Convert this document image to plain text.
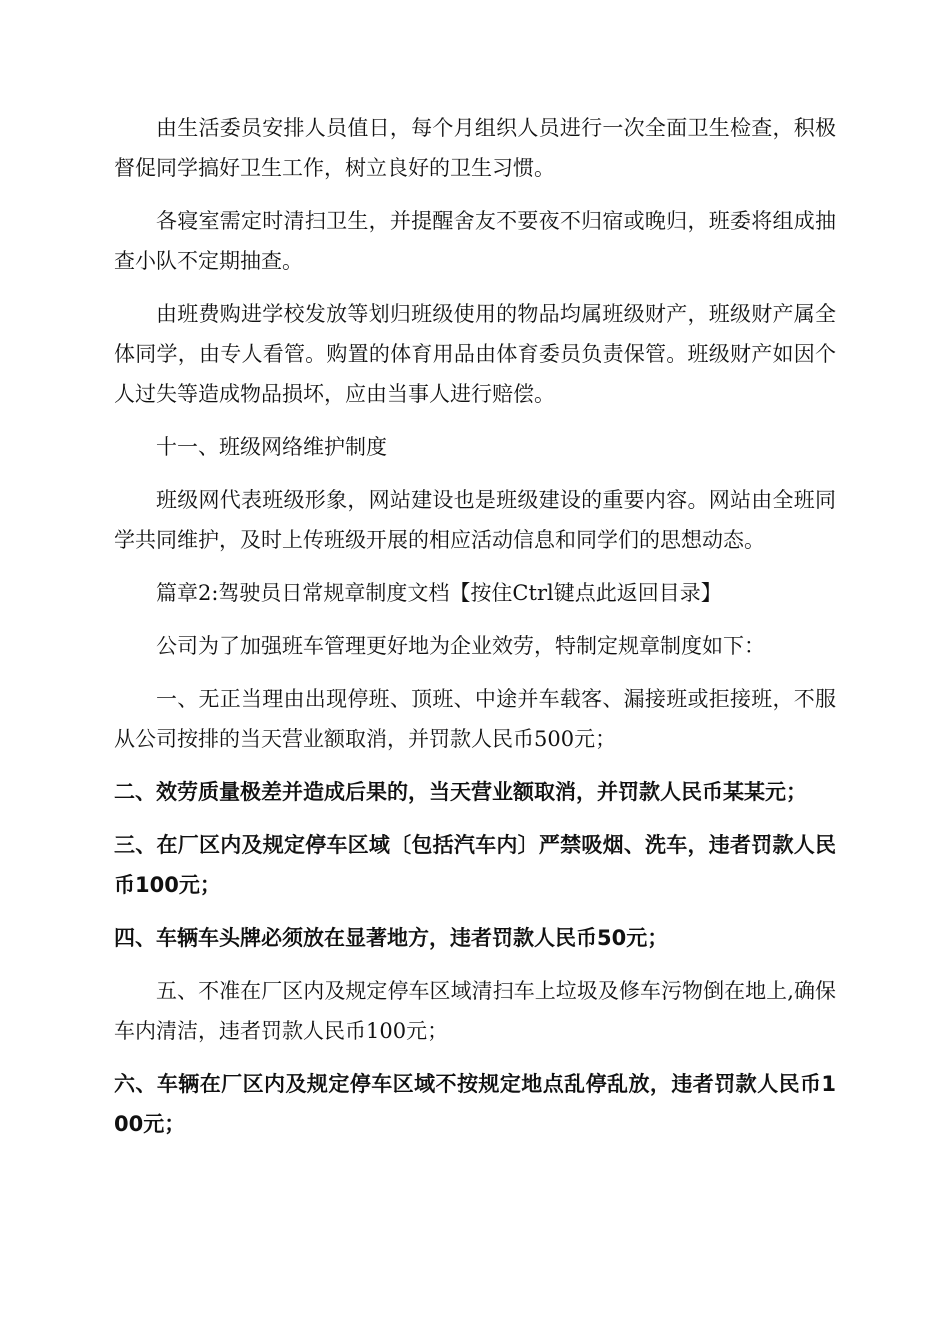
由生活委员安排人员值日，每个月组织人员进行一次全面卫生检查，积极督促同学搞好卫生工作，树立良好的卫生习惯。

各寝室需定时清扫卫生，并提醒舍友不要夜不归宿或晚归，班委将组成抽查小队不定期抽查。

由班费购进学校发放等划归班级使用的物品均属班级财产，班级财产属全体同学，由专人看管。购置的体育用品由体育委员负责保管。班级财产如因个人过失等造成物品损坏，应由当事人进行赔偿。

十一、班级网络维护制度

班级网代表班级形象，网站建设也是班级建设的重要内容。网站由全班同学共同维护，及时上传班级开展的相应活动信息和同学们的思想动态。

篇章2:驾驶员日常规章制度文档【按住Ctrl键点此返回目录】

公司为了加强班车管理更好地为企业效劳，特制定规章制度如下：

一、无正当理由出现停班、顶班、中途并车载客、漏接班或拒接班，不服从公司按排的当天营业额取消，并罚款人民币500元；

二、效劳质量极差并造成后果的，当天营业额取消，并罚款人民币某某元；

三、在厂区内及规定停车区域〔包括汽车内〕严禁吸烟、洗车，违者罚款人民币100元；

四、车辆车头牌必须放在显著地方，违者罚款人民币50元；

五、不准在厂区内及规定停车区域清扫车上垃圾及修车污物倒在地上,确保车内清洁，违者罚款人民币100元；

六、车辆在厂区内及规定停车区域不按规定地点乱停乱放，违者罚款人民币100元；
